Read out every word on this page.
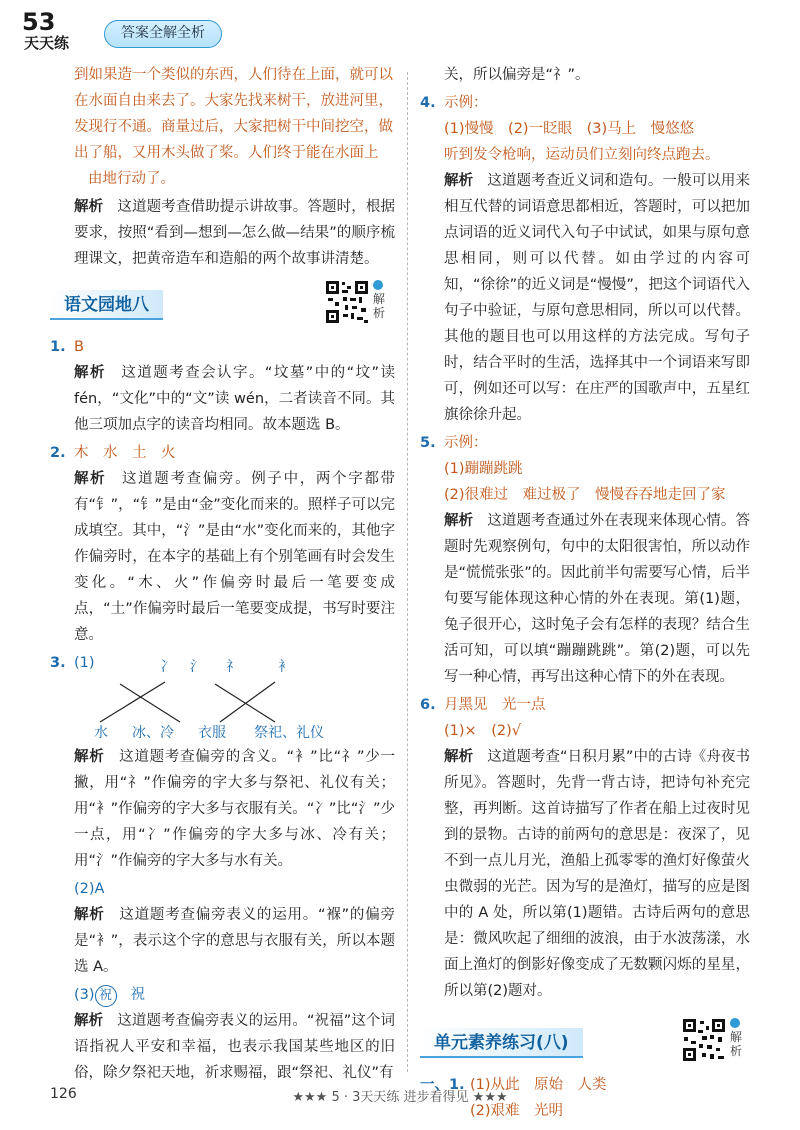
53
天天练
答案全解全析
到如果造一个类似的东西，人们待在上面，就可以
在水面自由来去了。大家先找来树干，放进河里，
发现行不通。商量过后，大家把树干中间挖空，做
出了船，又用木头做了桨。人们终于能在水面上
由地行动了。
解析 这道题考查借助提示讲故事。答题时，根据要求，按照“看到—想到—怎么做—结果”的顺序梳理课文，把黄帝造车和造船的两个故事讲清楚。
语文园地八	解析
1. B
解析 这道题考查会认字。“坟墓”中的“坟”读fén，“文化”中的“文”读 wén，二者读音不同。其他三项加点字的读音均相同。故本题选 B。
2. 木　水　土　火
解析 这道题考查偏旁。例子中，两个字都带有“钅”，“钅”是由“金”变化而来的。照样子可以完成填空。其中，“氵”是由“水”变化而来的，其他字作偏旁时，在本字的基础上有个别笔画有时会发生变化。“木、火”作偏旁时最后一笔要变成点，“土”作偏旁时最后一笔要变成提，书写时要注意。
3. (1)	冫 氵 礻	衤
水 冰、冷 衣服 祭祀、礼仪
解析 这道题考查偏旁的含义。“衤”比“礻”少一撇，用“礻”作偏旁的字大多与祭祀、礼仪有关；用“衤”作偏旁的字大多与衣服有关。“冫”比“氵”少一点，用“冫”作偏旁的字大多与冰、冷有关；用“氵”作偏旁的字大多与水有关。
(2)A
解析 这道题考查偏旁表义的运用。“褓”的偏旁是“衤”，表示这个字的意思与衣服有关，所以本题选 A。
(3) 祝 祝
解析 这道题考查偏旁表义的运用。“祝福”这个词语指祝人平安和幸福，也表示我国某些地区的旧俗，除夕祭祀天地，祈求赐福，跟“祭祀、礼仪”有
关，所以偏旁是“礻”。
4. 示例：
(1)慢慢　(2)一眨眼　(3)马上　慢悠悠
听到发令枪响，运动员们立刻向终点跑去。
解析 这道题考查近义词和造句。一般可以用来相互代替的词语意思都相近，答题时，可以把加点词语的近义词代入句子中试试，如果与原句意思相同，则可以代替。如由学过的内容可知，“徐徐”的近义词是“慢慢”，把这个词语代入句子中验证，与原句意思相同，所以可以代替。其他的题目也可以用这样的方法完成。写句子时，结合平时的生活，选择其中一个词语来写即可，例如还可以写：在庄严的国歌声中，五星红旗徐徐升起。
5. 示例：
(1)蹦蹦跳跳
(2)很难过　难过极了　慢慢吞吞地走回了家
解析 这道题考查通过外在表现来体现心情。答题时先观察例句，句中的太阳很害怕，所以动作是“慌慌张张”的。因此前半句需要写心情，后半句要写能体现这种心情的外在表现。第(1)题，兔子很开心，这时兔子会有怎样的表现？结合生活可知，可以填“蹦蹦跳跳”。第(2)题，可以先写一种心情，再写出这种心情下的外在表现。
6. 月黑见　光一点
(1)×　(2)√
解析 这道题考查“日积月累”中的古诗《舟夜书所见》。答题时，先背一背古诗，把诗句补充完整，再判断。这首诗描写了作者在船上过夜时见到的景物。古诗的前两句的意思是：夜深了，见不到一点儿月光，渔船上孤零零的渔灯好像萤火虫微弱的光芒。因为写的是渔灯，描写的应是图中的 A 处，所以第(1)题错。古诗后两句的意思是：微风吹起了细细的波浪，由于水波荡漾，水面上渔灯的倒影好像变成了无数颗闪烁的星星，所以第(2)题对。
单元素养练习(八)	解析
一、1. (1)从此　原始　人类
(2)艰难　光明
126	★★★ 5 · 3天天练 进步看得见 ★★★
